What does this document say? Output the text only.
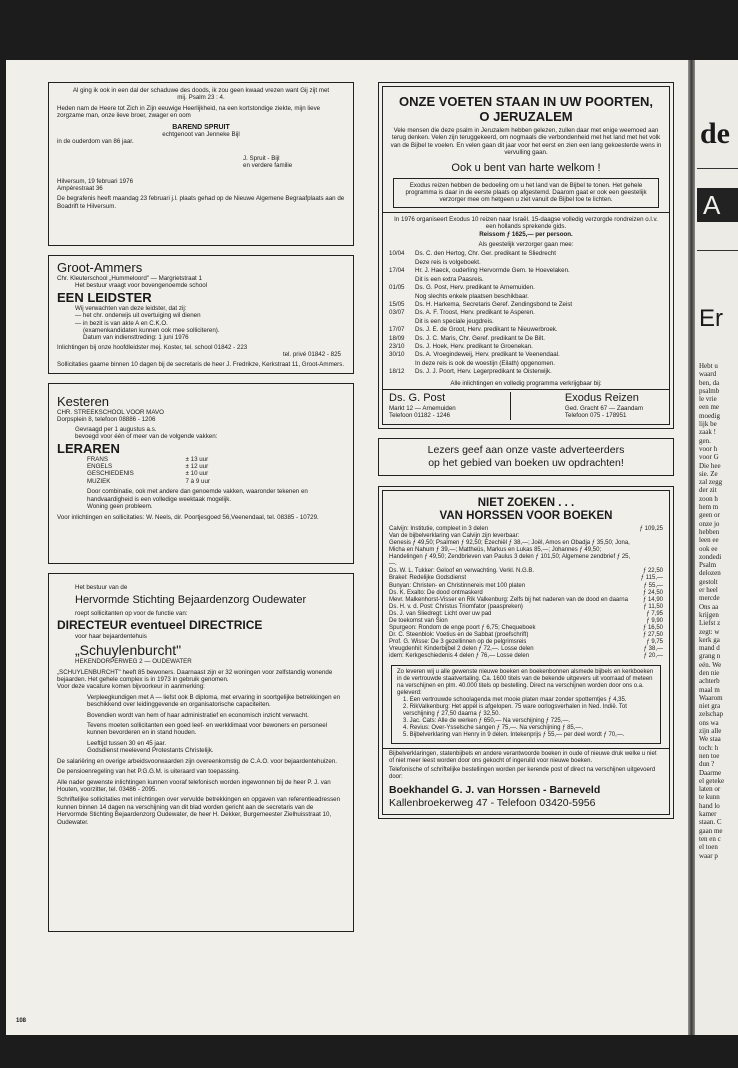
Al ging ik ook in een dal der schaduwe des doods, ik zou geen kwaad vrezen want Gij zijt met mij. Psalm 23 : 4.

Heden nam de Heere tot Zich in Zijn eeuwige Heerlijkheid, na een kortstondige ziekte, mijn lieve zorgzame man, onze lieve broer, zwager en oom

BAREND SPRUIT

echtgenoot van Jenneke Bijl

in de ouderdom van 86 jaar.

J. Spruit - Bijl

en verdere familie

Hilversum, 19 februari 1976

Ampèrestraat 36

De begrafenis heeft maandag 23 februari j.l. plaats gehad op de Nieuwe Algemene Begraafplaats aan de Boadrift te Hilversum.

Groot-Ammers

Chr. Kleuterschool „Hummeloord" — Margrietstraat 1

Het bestuur vraagt voor bovengenoemde school

EEN LEIDSTER

Wij verwachten van deze leidster, dat zij:

— het chr. onderwijs uit overtuiging wil dienen

— in bezit is van akte A en C.K.O.

(examenkandidaten kunnen ook mee solliciteren).

Datum van indiensttreding: 1 juni 1976

Inlichtingen bij onze hoofdleidster mej. Koster, tel. school 01842 - 223

tel. privé 01842 - 825

Sollicitaties gaarne binnen 10 dagen bij de secretaris de heer J. Fredrikze, Kerkstraat 11, Groot-Ammers.

Kesteren

CHR. STREEKSCHOOL VOOR MAVO

Dorpsplein 8, telefoon 08886 - 1206

Gevraagd per 1 augustus a.s.

bevoegd voor één of meer van de volgende vakken:

LERAREN

FRANS	± 13 uur
ENGELS	± 12 uur
GESCHIEDENIS	± 10 uur
MUZIEK	7 à 9 uur

Door combinatie, ook met andere dan genoemde vakken, waaronder tekenen en handvaardigheid is een volledige weektaak mogelijk.

Woning geen probleem.

Voor inlichtingen en sollicitaties: W. Neels, dir. Poortjesgoed 56,Veenendaal, tel. 08385 - 10729.

Het bestuur van de

Hervormde Stichting Bejaardenzorg Oudewater

roept sollicitanten op voor de functie van:

DIRECTEUR eventueel DIRECTRICE

voor haar bejaardentehuis

„Schuylenburcht"

HEKENDORPERWEG 2 — OUDEWATER

„SCHUYLENBURCHT" heeft 85 bewoners. Daarnaast zijn er 32 woningen voor zelfstandig wonende bejaarden. Het gehele complex is in 1973 in gebruik genomen.

Voor deze vacature komen bijvoorkeur in aanmerking:

Verpleegkundigen met A — liefst ook B diploma, met ervaring in soortgelijke betrekkingen en

beschikkend over leidinggevende en organisatorische capaciteiten.

Bovendien wordt van hem of haar administratief en economisch inzicht verwacht.

Tevens moeten sollicitanten een goed leef- en werkklimaat voor bewoners en personeel kunnen bevorderen en in stand houden.

Leeftijd tussen 30 en 45 jaar.

Godsdienst meelevend Protestants Christelijk.

De salariëring en overige arbeidsvoorwaarden zijn overeenkomstig de C.A.O. voor bejaardentehuizen.

De pensioenregeling van het P.G.G.M. is uiteraard van toepassing.

Alle nader gewenste inlichtingen kunnen vooraf telefonisch worden ingewonnen bij de heer P. J. van Houten, voorzitter, tel. 03486 - 2095.

Schriftelijke sollicitaties met inlichtingen over vervulde betrekkingen en opgaven van referentieadressen kunnen binnen 14 dagen na verschijning van dit blad worden gericht aan de secretaris van de Hervormde Stichting Bejaardenzorg Oudewater, de heer H. Dekker, Burgemeester Zielhuisstraat 10, Oudewater.

ONZE VOETEN STAAN IN UW POORTEN,

O JERUZALEM

Vele mensen die deze psalm in Jeruzalem hebben gelezen, zullen daar met enige weemoed aan terug denken. Velen zijn teruggekeerd, om nogmaals die verbondenheid met het land met het volk van de Bijbel te voelen. En velen gaan dit jaar voor het eerst en zien een lang gekoesterde wens in vervulling gaan.

Ook u bent van harte welkom !

Exodus reizen hebben de bedoeling om u het land van de Bijbel te tonen. Het gehele programma is daar in de eerste plaats op afgestemd. Daarom gaat er ook een geestelijk verzorger mee om hetgeen u ziet vanuit de Bijbel toe te lichten.

In 1976 organiseert Exodus 10 reizen naar Israël. 15-daagse volledig verzorgde rondreizen o.l.v. een hollands sprekende gids.

Reissom ƒ 1625,— per persoon.

Als geestelijk verzorger gaan mee:

10/04	Ds. C. den Hertog, Chr. Ger. predikant te Sliedrecht
	Deze reis is volgeboekt.
17/04	Hr. J. Haeck, ouderling Hervormde Gem. te Hoevelaken.
	Dit is een extra Paasreis.
01/05	Ds. G. Post, Herv. predikant te Arnemuiden.
	Nog slechts enkele plaatsen beschikbaar.
15/05	Ds. H. Harkema, Secretaris Geref. Zendingsbond te Zeist
03/07	Ds. A. F. Troost, Herv. predikant te Asperen.
	Dit is een speciale jeugdreis.
17/07	Ds. J. E. de Groot, Herv. predikant te Nieuwerbroek.
18/09	Ds. J. C. Maris, Chr. Geref. predikant te De Bilt.
23/10	Ds. J. Hoek, Herv. predikant te Groenekan.
30/10	Ds. A. Vroegindeweij, Herv. predikant te Veenendaal.
	In deze reis is ook de woestijn (Eilath) opgenomen.
18/12	Ds. J. J. Poort, Herv. Legerpredikant te Oisterwijk.

Alle inlichtingen en volledig programma verkrijgbaar bij:

Ds. G. Post

Markt 12 — Arnemuiden

Telefoon 01182 - 1246

Exodus Reizen

Ged. Gracht 67 — Zaandam

Telefoon 075 - 178951

Lezers geef aan onze vaste adverteerders

op het gebied van boeken uw opdrachten!

NIET ZOEKEN . . .

VAN HORSSEN VOOR BOEKEN

Calvijn: Institutie, compleet in 3 delen	ƒ 109,25
Van de bijbelverklaring van Calvijn zijn leverbaar:	
Genesis ƒ 49,50; Psalmen ƒ 92,50; Ezechiël ƒ 38,—; Joël, Amos en Obadja ƒ 35,50; Jona, Micha en Nahum ƒ 39,—; Mattheüs, Markus en Lukas 85,—; Johannes ƒ 49,50; Handelingen ƒ 49,50; Zendbrieven van Paulus 3 delen ƒ 101,50; Algemene zendbrief ƒ 25,—.	
Ds. W. L. Tukker: Geloof en verwachting. Verkl. N.G.B.	ƒ 22,50
Brakel: Redelijke Godsdienst	ƒ 115,—
Bunyan: Christen- en Christinnereis met 100 platen	ƒ 55,—
Ds. K. Exalto: De dood ontmaskerd	ƒ 24,50
Mevr. Malkenhorst-Visser en Rik Valkenburg: Zelfs bij het naderen van de dood en daarna	ƒ 14,90
Ds. H. v. d. Post: Christus Triomfator (paaspreken)	ƒ 11,50
Ds. J. van Sliedregt: Licht over uw pad	ƒ 7,95
De toekomst van Sion	ƒ 9,90
Spurgeon: Rondom de enge poort ƒ 6,75; Chequeboek	ƒ 16,50
Dr. C. Steenblok: Voetius en de Sabbat (proefschrift)	ƒ 27,50
Prof. G. Wisse: De 3 gezellinnen op de pelgrimsreis	ƒ 9,75
Vreugdenhil: Kinderbijbel 2 delen ƒ 72,—. Losse delen	ƒ 38,—
idem: Kerkgeschiedenis 4 delen ƒ 76,— Losse delen	ƒ 20,—

Zo leveren wij u alle gewenste nieuwe boeken en boekenbonnen alsmede bijbels en kerkboeken in de vertrouwde staatvertaling. Ca. 1600 titels van de bekende uitgevers uit voorraad of meteen na verschijnen en plm. 40.000 titels op bestelling. Direct na verschijnen worden door ons o.a. geleverd:

1. Een vertrouwde schoolagenda met mooie platen maar zonder spotterntjes ƒ 4,35.

2. RikValkenburg: Het appèl is afgelopen. 75 ware oorlogsverhalen in Ned. Indië. Tot verschijning ƒ 27,50 daarna ƒ 32,50.

3. Jac. Cats: Alle de werken ƒ 650,— Na verschijning ƒ 725,—.

4. Revius: Over-Ysselsche sangen ƒ 75,—. Na verschijning ƒ 85,—.

5. Bijbelverklaring van Henry in 9 delen. Intekenprijs ƒ 55,— per deel wordt ƒ 70,—.

Bijbelverklaringen, statenbijbels en andere verantwoorde boeken in oude of nieuwe druk welke u niet of niet meer leest worden door ons gekocht of ingeruild voor nieuwe boeken.

Telefonische of schriftelijke bestellingen worden per kerende post of direct na verschijnen uitgevoerd door:

Boekhandel G. J. van Horssen - Barneveld

Kallenbroekerweg 47 - Telefoon 03420-5956

108
de
A
Er
Hebt u
waard
ben, da
psalmb
le vrie
een me
moedig
lijk be
zaak !
gen.
voor h
voor G
Die hee
sie. Ze
zal zegg
der zit
zoon h
hem m
geen or
onze jo
hebben
leen ee
ook ee
zondedi
Psalm
delozen
gestolt
er heel
mercde
Ons aa
krijgen
Liefst z
zegt: w
kerk ga
mand d
grang n
eén. We
den nie
achterb
maal m
Waarom
niet gra
zelschap
ons wa
zijn alle
We staa
toch: h
nen toe
dun ?
Daarme
el geteke
laten or
te kunn
hand lo
kamer
staan. C
gaan me
ten en c
el toen
waar p
